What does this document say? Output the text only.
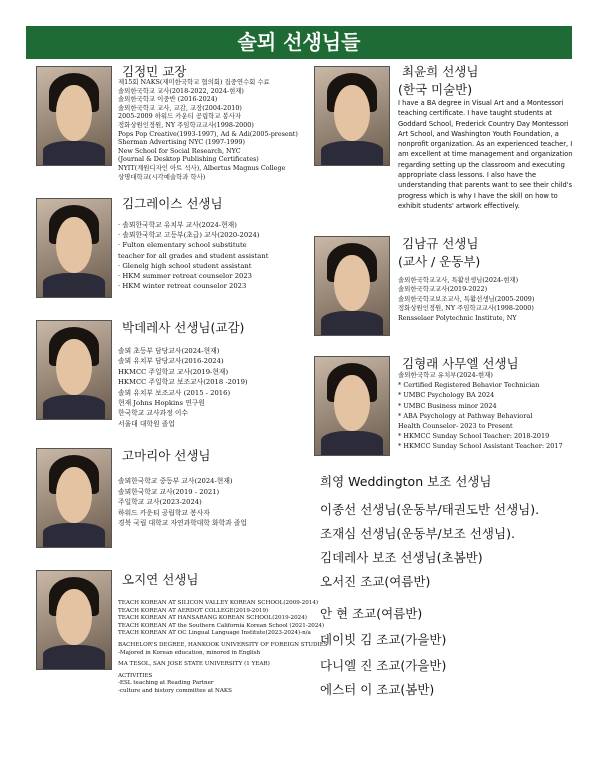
솔뫼 선생님들
김정민 교장
제15회 NAKS(재미한국학교 협의회) 집중연수회 수료
솔뫼한국학교 교사(2018-2022, 2024-현재)
솔뫼한국학교 이중반 (2016-2024)
솔뫼한국학교 교사, 교감, 교장(2004-2010)
2005-2009 하워드 카운티 공립학교 봉사자
정화상원인정원, NY 주임학교교사(1998-2000)
Pops Pop Creative(1993-1997), Ad & Adi(2005-present)
Sherman Advertising NYC (1997-1999)
New School for Social Research, NYC
(Journal & Desktop Publishing Certificates)
NYIT(계원디자인 아트 석사), Albertus Magnus College
상명대학교(시각예술학과 학사)
김그레이스 선생님
· 솔뫼한국학교 유치부 교사(2024-현재)
· 솔뫼한국학교 고등부(초급) 교사(2020-2024)
· Fulton elementary school substitute
teacher for all grades and student assistant
· Glenelg high school student assistant
· HKM summer retreat counselor 2023
· HKM winter retreat counselor 2023
박데레사 선생님(교감)
솔뫼 초등부 담당교사(2024-현재)
솔뫼 유치부 담당교사(2016-2024)
HKMCC 주일학교 교사(2019-현재)
HKMCC 주일학교 보조교사(2018 -2019)
솔뫼 유치부 보조교사 (2015 - 2016)
현재 Johns Hopkins 연구원
한국학교 교사과정 이수
서울대 대학원 졸업
고마리아 선생님
솔뫼한국학교 중등부 교사(2024-현재)
솔뫼한국학교 교사(2019 - 2021)
주일학교 교사(2023-2024)
하워드 카운티 공립학교 봉사자
경북 국립 대학교 자연과학대학 화학과 졸업
오지연 선생님
TEACH KOREAN AT SILICON VALLEY KOREAN SCHOOL(2009-2014)
TEACH KOREAN AT AERDOT COLLEGE(2019-2019)
TEACH KOREAN AT HANSARANG KOREAN SCHOOL(2019-2024)
TEACH KOREAN AT the Southern California Korean School (2021-2024)
TEACH KOREAN AT OC Lingual Language Institute(2023-2024)-n/a
BACHELOR'S DEGREE, HANKOOK UNIVERSITY OF FOREIGN STUDIES
-Majored in Korean education, minored in English
MA TESOL, SAN JOSE STATE UNIVERSITY (1 YEAR)
ACTIVITIES
-ESL teaching at Reading Partner
-culture and history committee at NAKS
최윤희 선생님
(한국 미술반)
I have a BA degree in Visual Art and a Montessori teaching certificate. I have taught students at Goddard School, Frederick Country Day Montessori Art School, and Washington Youth Foundation, a nonprofit organization. As an experienced teacher, I am excellent at time management and organization regarding setting up the classroom and executing appropriate class lessons. I also have the understanding that parents want to see their child's progress which is why I have the skill on how to exhibit students' artwork effectively.
김남규 선생님
(교사 / 운동부)
솔뫼한국학교교사, 특활선생님(2024-현재)
솔뫼한국학교교사(2019-2022)
솔뫼한국학교보조교사, 특활선생님(2005-2009)
정화상원인정원, NY 주임학교교사(1998-2000)
Rensselaer Polytechnic Institute, NY
김형래 사무엘 선생님
솔뫼한국학교 유치부(2024-현재)
* Certified Registered Behavior Technician
* UMBC Psychology BA 2024
* UMBC Business minor 2024
* ABA Psychology at Pathway Behavioral
Health Counselor- 2023 to Present
* HKMCC Sunday School Teacher: 2018-2019
* HKMCC Sunday School Assistant Teacher: 2017
희영 Weddington 보조 선생님
이종선 선생님(운동부/태권도반 선생님).
조재심 선생님(운동부/보조 선생님).
김데레사 보조 선생님(초봄반)
오서진 조교(여름반)
안 현 조교(여름반)
데이빗 김 조교(가을반)
다니엘 진 조교(가을반)
에스터 이 조교(봄반)
